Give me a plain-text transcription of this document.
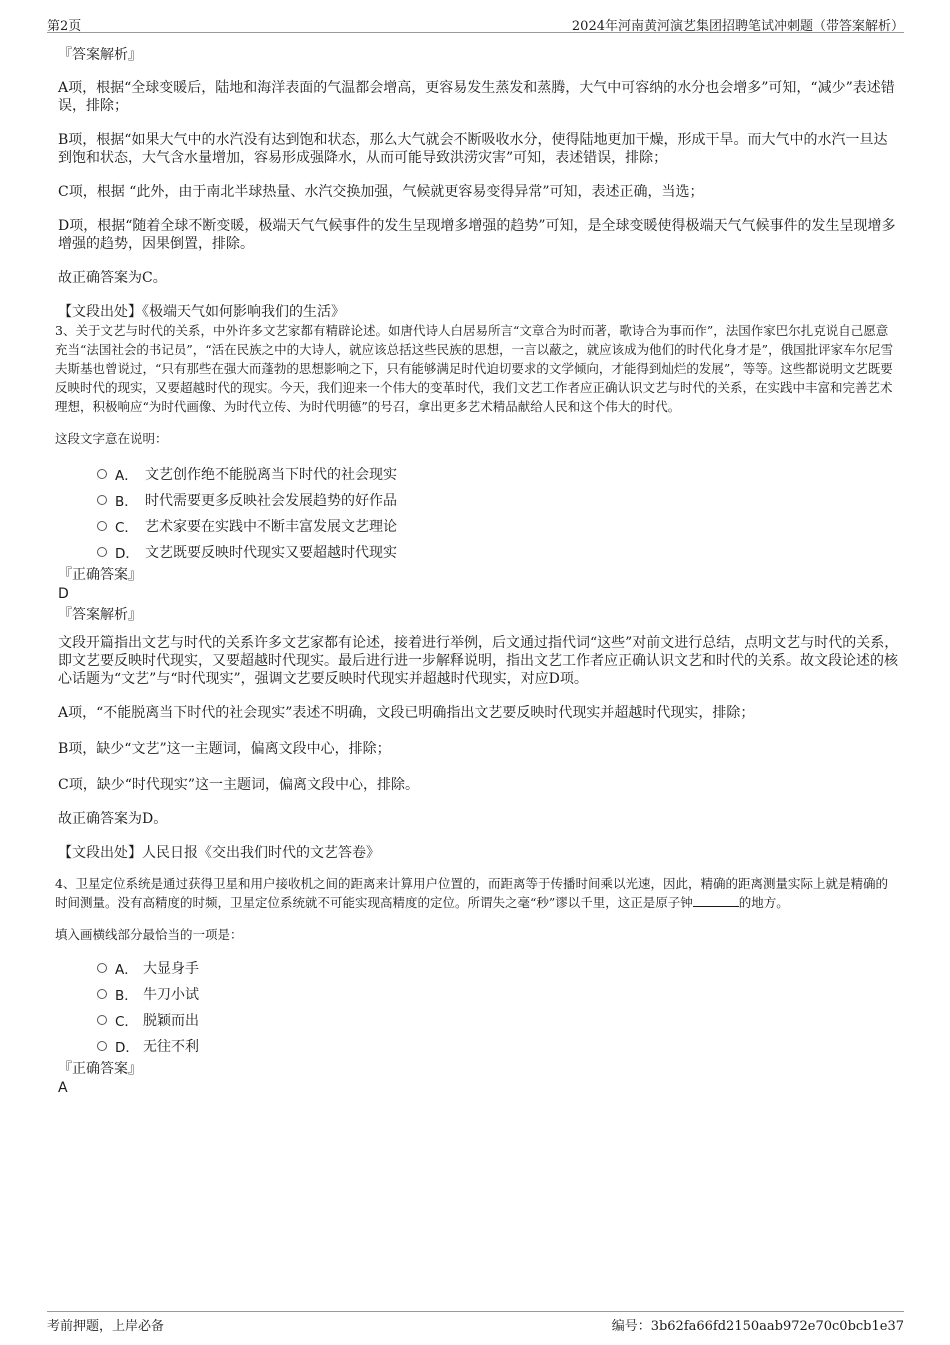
第2页	2024年河南黄河演艺集团招聘笔试冲刺题（带答案解析）

『答案解析』

A项，根据“全球变暖后，陆地和海洋表面的气温都会增高，更容易发生蒸发和蒸腾，大气中可容纳的水分也会增多”可知，“减少”表述错误，排除；

B项，根据“如果大气中的水汽没有达到饱和状态，那么大气就会不断吸收水分，使得陆地更加干燥，形成干旱。而大气中的水汽一旦达到饱和状态，大气含水量增加，容易形成强降水，从而可能导致洪涝灾害”可知，表述错误，排除；

C项，根据 “此外，由于南北半球热量、水汽交换加强，气候就更容易变得异常”可知，表述正确，当选；

D项，根据“随着全球不断变暖，极端天气气候事件的发生呈现增多增强的趋势”可知，是全球变暖使得极端天气气候事件的发生呈现增多增强的趋势，因果倒置，排除。

故正确答案为C。

【文段出处】《极端天气如何影响我们的生活》

3、关于文艺与时代的关系，中外许多文艺家都有精辟论述。如唐代诗人白居易所言“文章合为时而著，歌诗合为事而作”，法国作家巴尔扎克说自己愿意充当“法国社会的书记员”，“活在民族之中的大诗人，就应该总括这些民族的思想，一言以蔽之，就应该成为他们的时代化身才是”，俄国批评家车尔尼雪夫斯基也曾说过，“只有那些在强大而蓬勃的思想影响之下，只有能够满足时代迫切要求的文学倾向，才能得到灿烂的发展”，等等。这些都说明文艺既要反映时代的现实，又要超越时代的现实。今天，我们迎来一个伟大的变革时代，我们文艺工作者应正确认识文艺与时代的关系，在实践中丰富和完善艺术理想，积极响应“为时代画像、为时代立传、为时代明德”的号召，拿出更多艺术精品献给人民和这个伟大的时代。

这段文字意在说明：

A． 文艺创作绝不能脱离当下时代的社会现实
B． 时代需要更多反映社会发展趋势的好作品
C． 艺术家要在实践中不断丰富发展文艺理论
D． 文艺既要反映时代现实又要超越时代现实

『正确答案』

D

『答案解析』

文段开篇指出文艺与时代的关系许多文艺家都有论述，接着进行举例，后文通过指代词“这些”对前文进行总结，点明文艺与时代的关系，即文艺要反映时代现实，又要超越时代现实。最后进行进一步解释说明，指出文艺工作者应正确认识文艺和时代的关系。故文段论述的核心话题为“文艺”与“时代现实”，强调文艺要反映时代现实并超越时代现实，对应D项。

A项，“不能脱离当下时代的社会现实”表述不明确，文段已明确指出文艺要反映时代现实并超越时代现实，排除；

B项，缺少“文艺”这一主题词，偏离文段中心，排除；

C项，缺少“时代现实”这一主题词，偏离文段中心，排除。

故正确答案为D。

【文段出处】人民日报《交出我们时代的文艺答卷》

4、卫星定位系统是通过获得卫星和用户接收机之间的距离来计算用户位置的，而距离等于传播时间乘以光速，因此，精确的距离测量实际上就是精确的时间测量。没有高精度的时频，卫星定位系统就不可能实现高精度的定位。所谓失之毫“秒”谬以千里，这正是原子钟	的地方。

填入画横线部分最恰当的一项是：

A． 大显身手
B． 牛刀小试
C． 脱颖而出
D． 无往不利

『正确答案』

A

考前押题，上岸必备	编号：3b62fa66fd2150aab972e70c0bcb1e37
